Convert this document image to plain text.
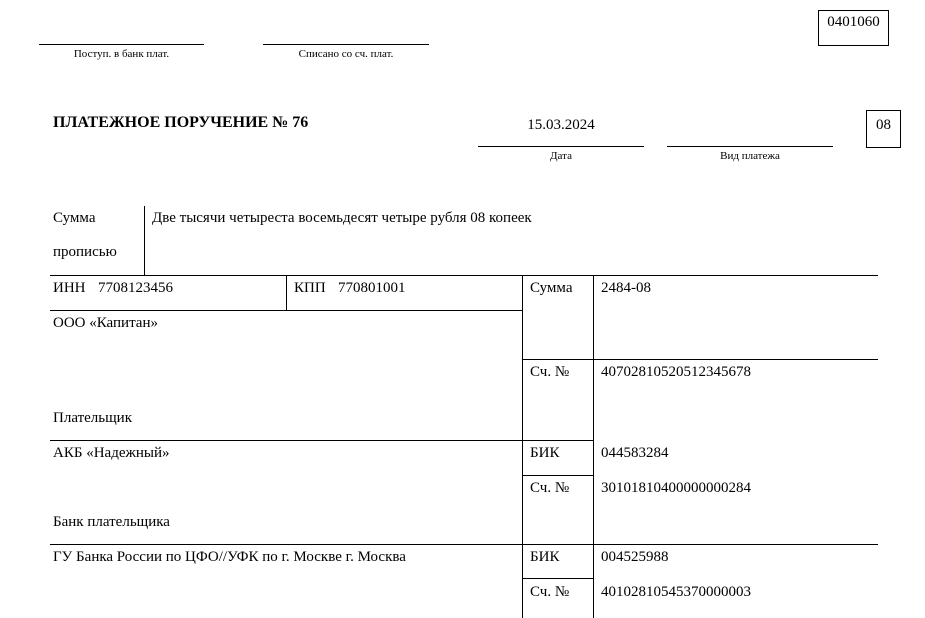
0401060
Поступ. в банк плат.	Списано со сч. плат.
ПЛАТЕЖНОЕ ПОРУЧЕНИЕ № 76	15.03.2024
Дата	Вид платежа
08
Сумма
прописью
Две тысячи четыреста восемьдесят четыре рубля 08 копеек
ИНН 7708123456	КПП 770801001
ООО «Капитан»
Плательщик
Сумма 2484-08
Сч. № 40702810520512345678
АКБ «Надежный»
Банк плательщика
БИК	044583284
Сч. № 30101810400000000284
ГУ Банка России по ЦФО//УФК по г. Москве г. Москва	БИК	004525988
Сч. № 40102810545370000003
